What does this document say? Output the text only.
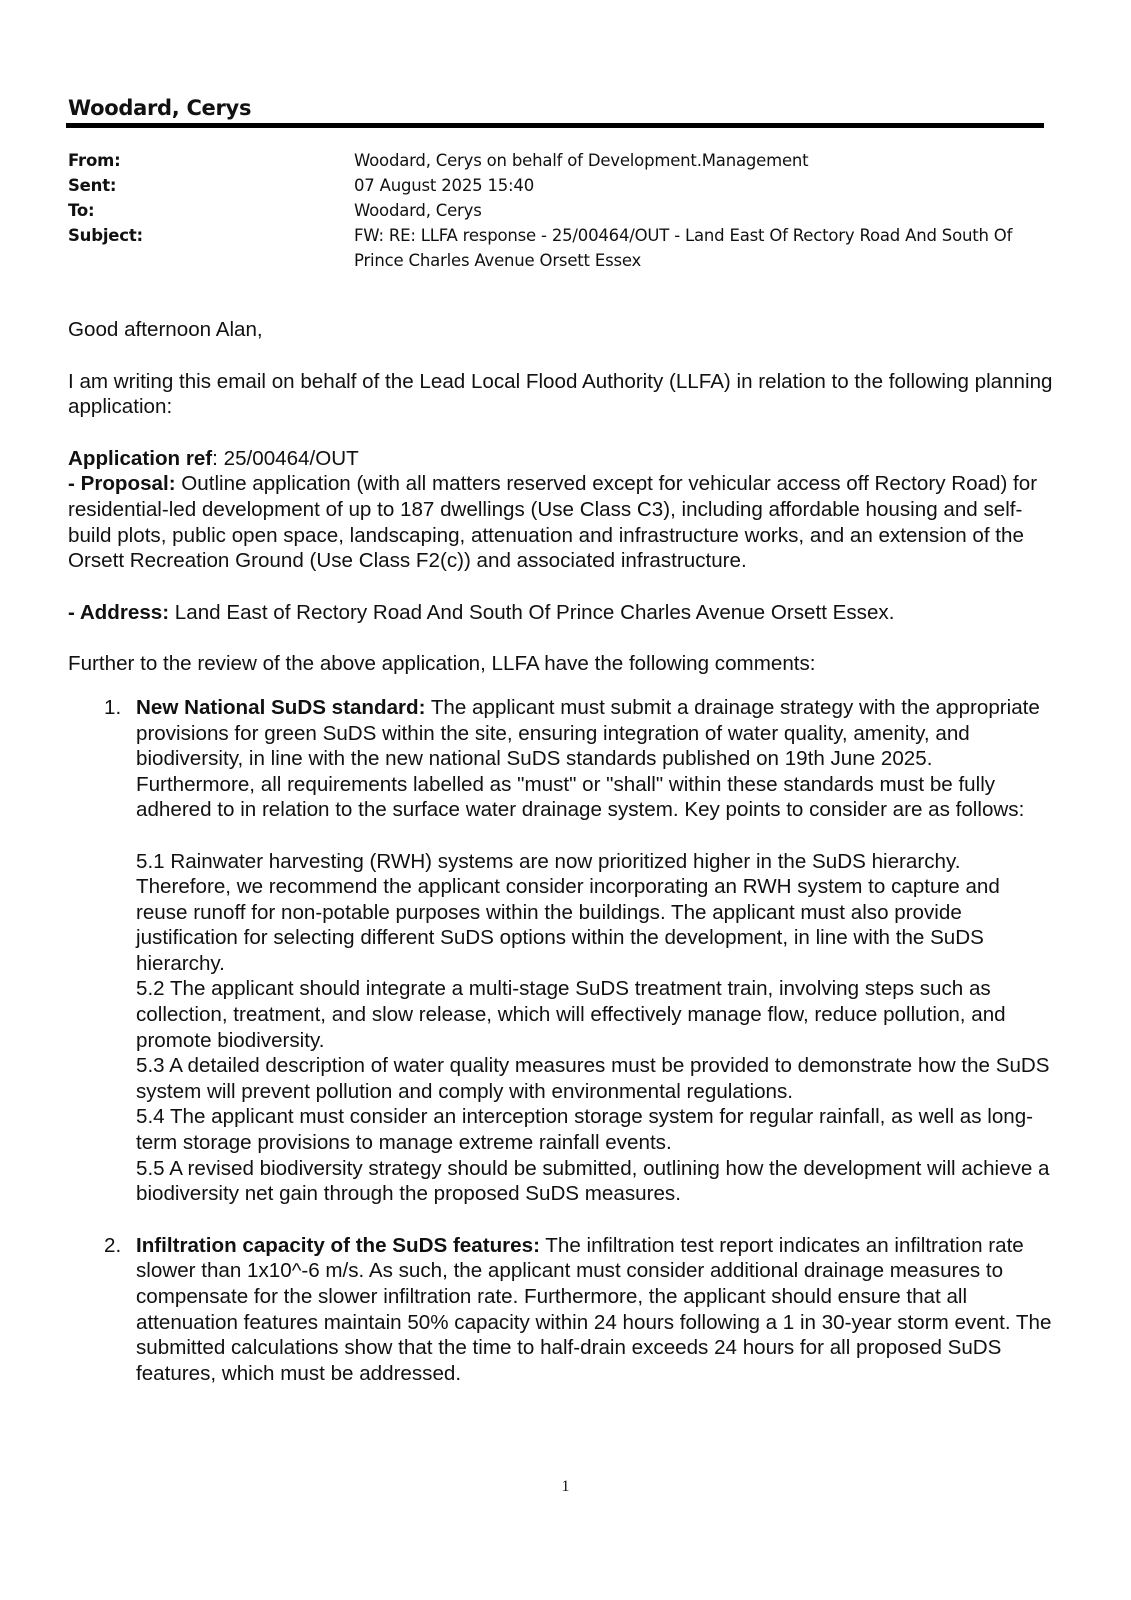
Woodard, Cerys
From:	Woodard, Cerys on behalf of Development.Management
Sent:	07 August 2025 15:40
To:	Woodard, Cerys
Subject:	FW: RE: LLFA response - 25/00464/OUT - Land East Of Rectory Road And South Of Prince Charles Avenue Orsett Essex

Good afternoon Alan,

I am writing this email on behalf of the Lead Local Flood Authority (LLFA) in relation to the following planning application:

Application ref: 25/00464/OUT

- Proposal: Outline application (with all matters reserved except for vehicular access off Rectory Road) for residential-led development of up to 187 dwellings (Use Class C3), including affordable housing and self-build plots, public open space, landscaping, attenuation and infrastructure works, and an extension of the Orsett Recreation Ground (Use Class F2(c)) and associated infrastructure.

- Address: Land East of Rectory Road And South Of Prince Charles Avenue Orsett Essex.

Further to the review of the above application, LLFA have the following comments:

1. New National SuDS standard: The applicant must submit a drainage strategy with the appropriate provisions for green SuDS within the site, ensuring integration of water quality, amenity, and biodiversity, in line with the new national SuDS standards published on 19th June 2025. Furthermore, all requirements labelled as "must" or "shall" within these standards must be fully adhered to in relation to the surface water drainage system. Key points to consider are as follows:

5.1 Rainwater harvesting (RWH) systems are now prioritized higher in the SuDS hierarchy. Therefore, we recommend the applicant consider incorporating an RWH system to capture and reuse runoff for non-potable purposes within the buildings. The applicant must also provide justification for selecting different SuDS options within the development, in line with the SuDS hierarchy.

5.2 The applicant should integrate a multi-stage SuDS treatment train, involving steps such as collection, treatment, and slow release, which will effectively manage flow, reduce pollution, and promote biodiversity.

5.3 A detailed description of water quality measures must be provided to demonstrate how the SuDS system will prevent pollution and comply with environmental regulations.

5.4 The applicant must consider an interception storage system for regular rainfall, as well as long-term storage provisions to manage extreme rainfall events.

5.5 A revised biodiversity strategy should be submitted, outlining how the development will achieve a biodiversity net gain through the proposed SuDS measures.

2. Infiltration capacity of the SuDS features: The infiltration test report indicates an infiltration rate slower than 1x10^-6 m/s. As such, the applicant must consider additional drainage measures to compensate for the slower infiltration rate. Furthermore, the applicant should ensure that all attenuation features maintain 50% capacity within 24 hours following a 1 in 30-year storm event. The submitted calculations show that the time to half-drain exceeds 24 hours for all proposed SuDS features, which must be addressed.
1
